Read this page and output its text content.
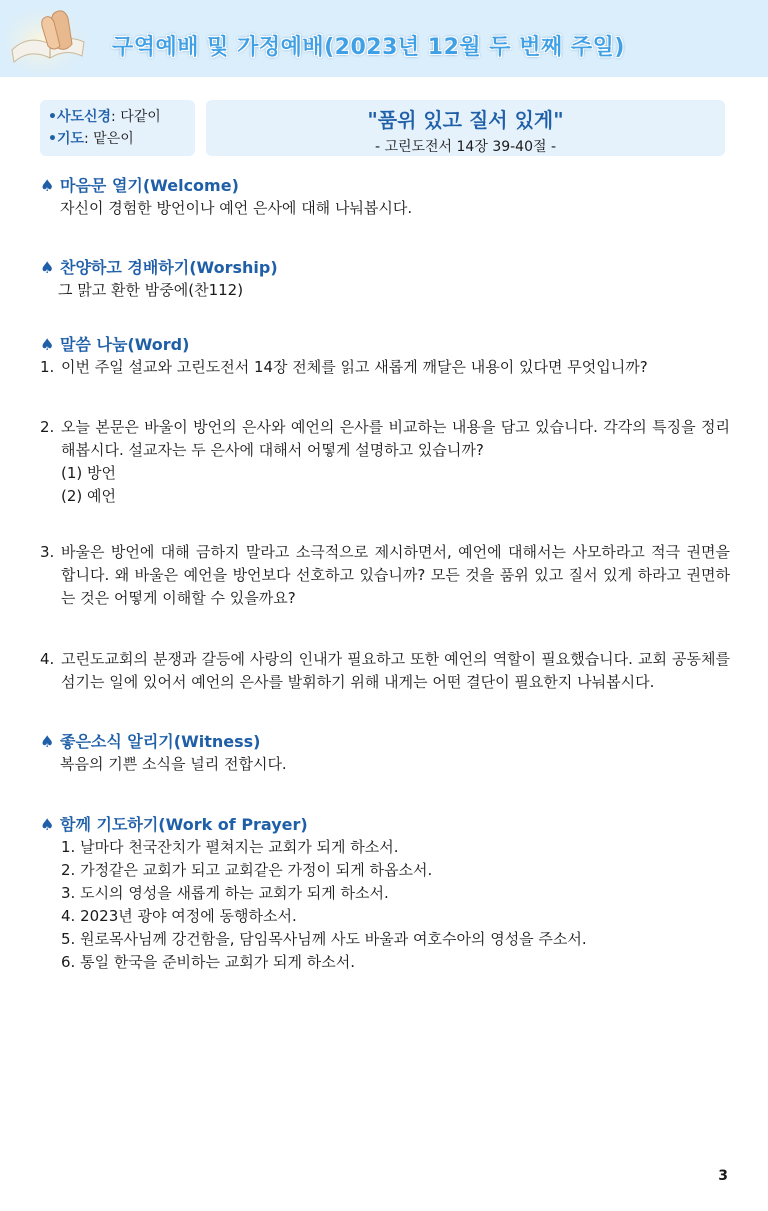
구역예배 및 가정예배(2023년 12월 두 번째 주일)
•사도신경: 다같이
•기도: 맡은이
"품위 있고 질서 있게"
- 고린도전서 14장 39-40절 -
♠ 마음문 열기(Welcome)
자신이 경험한 방언이나 예언 은사에 대해 나눠봅시다.
♠ 찬양하고 경배하기(Worship)
그 맑고 환한 밤중에(찬112)
♠ 말씀 나눔(Word)
1. 이번 주일 설교와 고린도전서 14장 전체를 읽고 새롭게 깨달은 내용이 있다면 무엇입니까?
2. 오늘 본문은 바울이 방언의 은사와 예언의 은사를 비교하는 내용을 담고 있습니다. 각각의 특징을 정리해봅시다. 설교자는 두 은사에 대해서 어떻게 설명하고 있습니까?
(1) 방언
(2) 예언
3. 바울은 방언에 대해 금하지 말라고 소극적으로 제시하면서, 예언에 대해서는 사모하라고 적극 권면을 합니다. 왜 바울은 예언을 방언보다 선호하고 있습니까? 모든 것을 품위 있고 질서 있게 하라고 권면하는 것은 어떻게 이해할 수 있을까요?
4. 고린도교회의 분쟁과 갈등에 사랑의 인내가 필요하고 또한 예언의 역할이 필요했습니다. 교회 공동체를 섬기는 일에 있어서 예언의 은사를 발휘하기 위해 내게는 어떤 결단이 필요한지 나눠봅시다.
♠ 좋은소식 알리기(Witness)
복음의 기쁜 소식을 널리 전합시다.
♠ 함께 기도하기(Work of Prayer)
1. 날마다 천국잔치가 펼쳐지는 교회가 되게 하소서.
2. 가정같은 교회가 되고 교회같은 가정이 되게 하옵소서.
3. 도시의 영성을 새롭게 하는 교회가 되게 하소서.
4. 2023년 광야 여정에 동행하소서.
5. 원로목사님께 강건함을, 담임목사님께 사도 바울과 여호수아의 영성을 주소서.
6. 통일 한국을 준비하는 교회가 되게 하소서.
3
